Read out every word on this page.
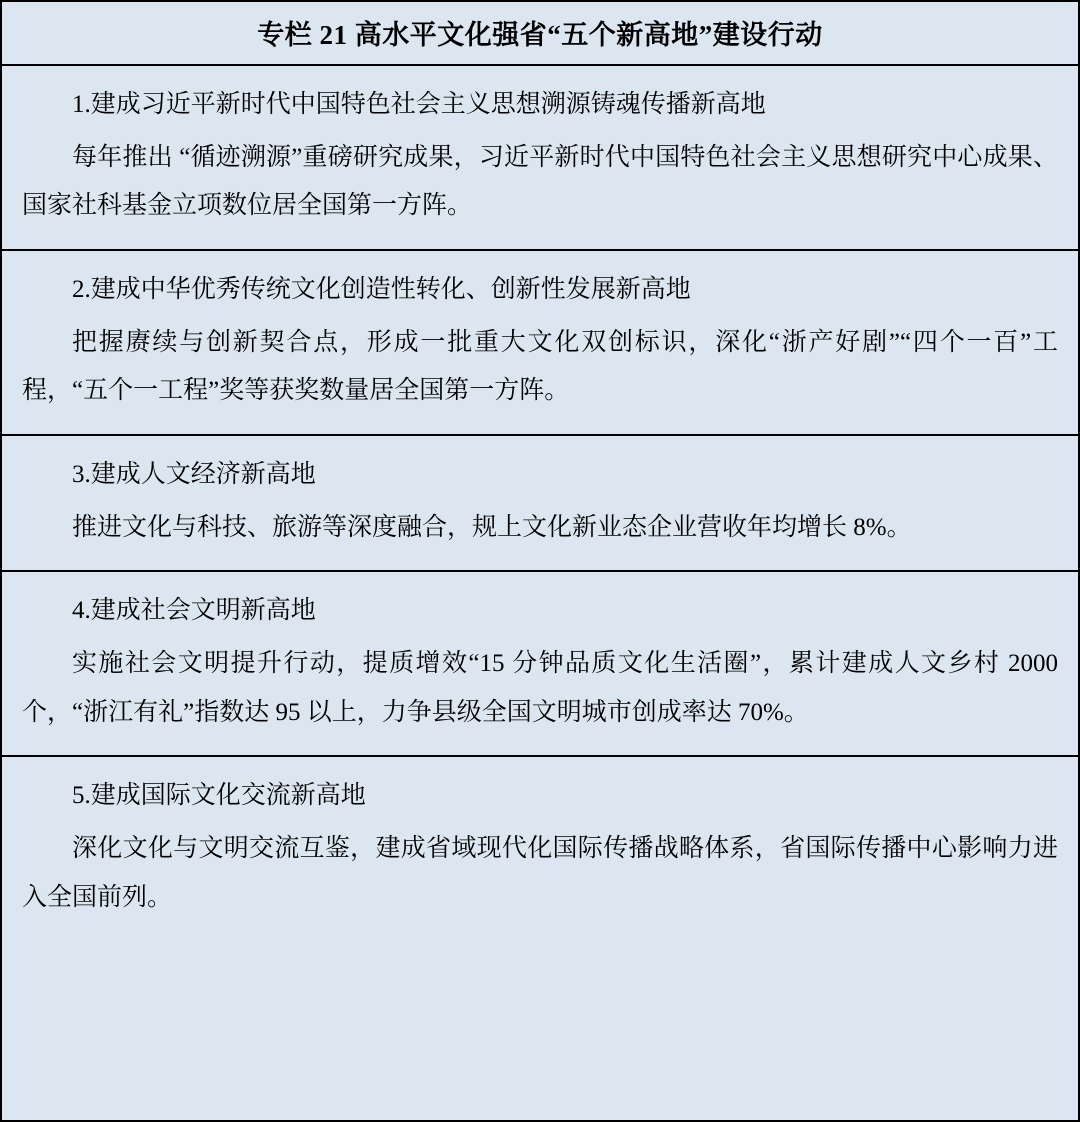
专栏 21 高水平文化强省“五个新高地”建设行动
1.建成习近平新时代中国特色社会主义思想溯源铸魂传播新高地
每年推出 “循迹溯源”重磅研究成果，习近平新时代中国特色社会主义思想研究中心成果、国家社科基金立项数位居全国第一方阵。
2.建成中华优秀传统文化创造性转化、创新性发展新高地
把握赓续与创新契合点，形成一批重大文化双创标识，深化“浙产好剧”“四个一百”工程，“五个一工程”奖等获奖数量居全国第一方阵。
3.建成人文经济新高地
推进文化与科技、旅游等深度融合，规上文化新业态企业营收年均增长 8%。
4.建成社会文明新高地
实施社会文明提升行动，提质增效“15 分钟品质文化生活圈”，累计建成人文乡村 2000 个，“浙江有礼”指数达 95 以上，力争县级全国文明城市创成率达 70%。
5.建成国际文化交流新高地
深化文化与文明交流互鉴，建成省域现代化国际传播战略体系，省国际传播中心影响力进入全国前列。
